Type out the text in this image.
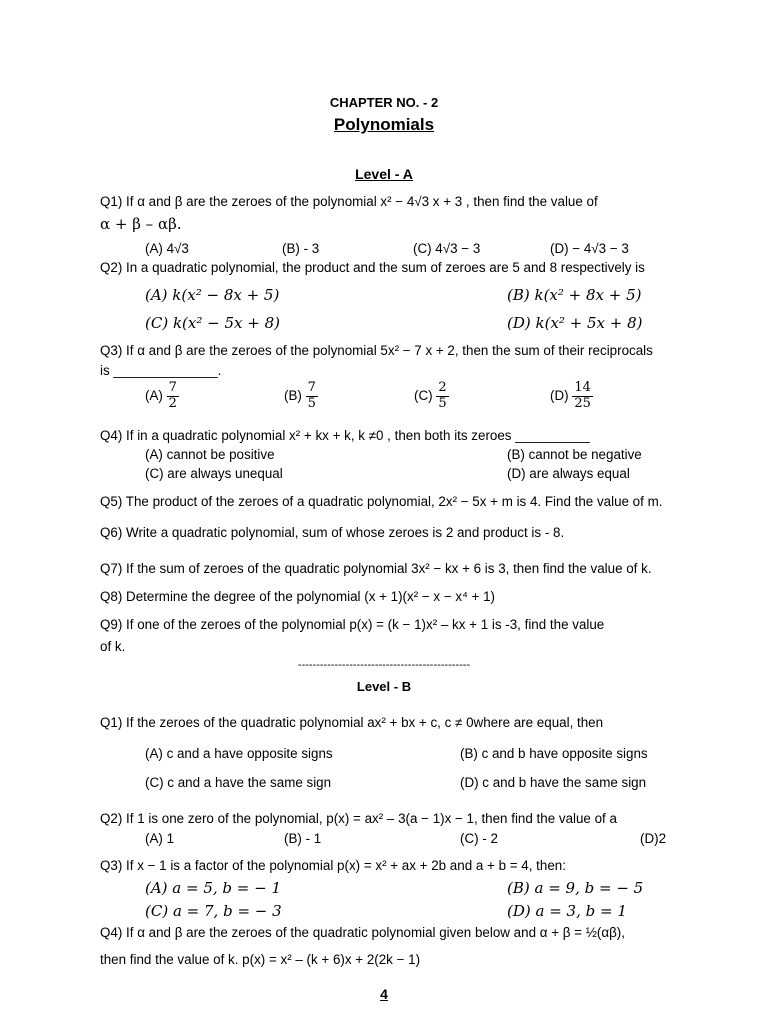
CHAPTER NO. - 2
Polynomials
Level - A
Q1) If α and β are the zeroes of the polynomial x² − 4√3 x + 3 , then find the value of
α + β – αβ.
(A) 4√3	(B) - 3	(C) 4√3 − 3	(D) − 4√3 − 3
Q2) In a quadratic polynomial, the product and the sum of zeroes are 5 and 8 respectively is
(A) k(x² − 8x + 5)	(B) k(x² + 8x + 5)
(C) k(x² − 5x + 8)	(D) k(x² + 5x + 8)
Q3) If α and β are the zeroes of the polynomial 5x² − 7 x + 2, then the sum of their reciprocals
is ______________.
$(A) \frac{7}{2}$	$(B) \frac{7}{5}$	$(C) \frac{2}{5}$	$(D) \frac{14}{25}$
Q4) If in a quadratic polynomial x² + kx + k, k ≠0 , then both its zeroes __________
(A) cannot be positive	(B) cannot be negative
(C) are always unequal	(D) are always equal
Q5) The product of the zeroes of a quadratic polynomial, 2x² − 5x + m is 4. Find the value of m.
Q6) Write a quadratic polynomial, sum of whose zeroes is 2 and product is - 8.
Q7) If the sum of zeroes of the quadratic polynomial 3x² − kx + 6 is 3, then find the value of k.
Q8) Determine the degree of the polynomial (x + 1)(x² − x − x⁴ + 1)
Q9) If one of the zeroes of the polynomial p(x) = (k − 1)x² – kx + 1 is -3, find the value
of k.
-----------------------------------------------
Level - B
Q1) If the zeroes of the quadratic polynomial ax² + bx + c, c ≠ 0where are equal, then
(A) c and a have opposite signs	(B) c and b have opposite signs
(C) c and a have the same sign	(D) c and b have the same sign
Q2) If 1 is one zero of the polynomial, p(x) = ax² – 3(a − 1)x − 1, then find the value of a
(A) 1	(B) - 1	(C) - 2	(D)2
Q3) If x − 1 is a factor of the polynomial p(x) = x² + ax + 2b and a + b = 4, then:
(A) a = 5, b = − 1	(B) a = 9, b = − 5
(C) a = 7, b = − 3	(D) a = 3, b = 1
Q4) If α and β are the zeroes of the quadratic polynomial given below and α + β = ½(αβ),
then find the value of k. p(x) = x² – (k + 6)x + 2(2k − 1)
4
